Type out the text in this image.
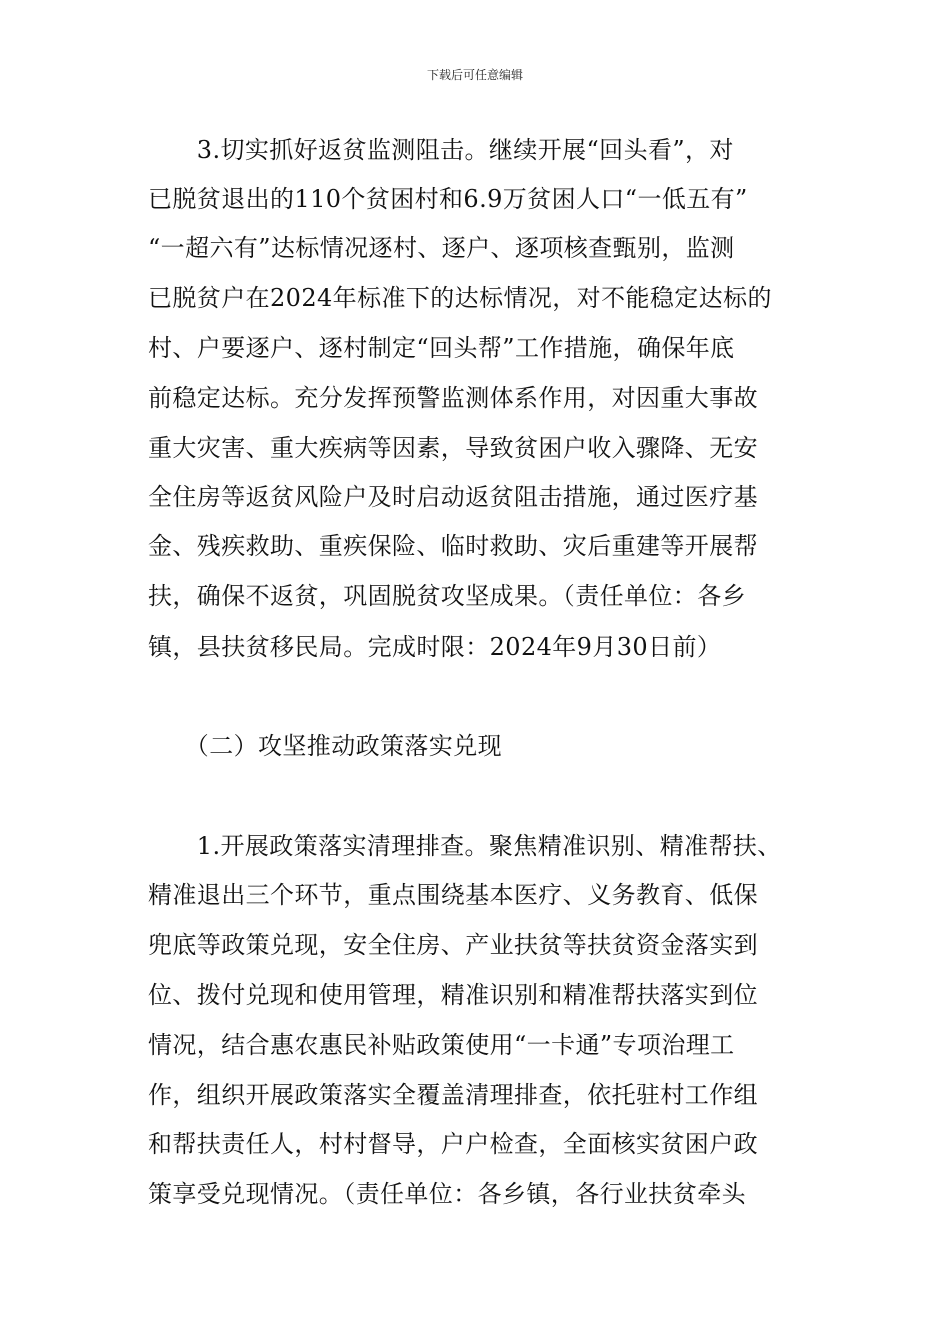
下载后可任意编辑
　　3.切实抓好返贫监测阻击。继续开展“回头看”，对
已脱贫退出的110个贫困村和6.9万贫困人口“一低五有”
“一超六有”达标情况逐村、逐户、逐项核查甄别，监测
已脱贫户在2024年标准下的达标情况，对不能稳定达标的
村、户要逐户、逐村制定“回头帮”工作措施，确保年底
前稳定达标。充分发挥预警监测体系作用，对因重大事故
重大灾害、重大疾病等因素，导致贫困户收入骤降、无安
全住房等返贫风险户及时启动返贫阻击措施，通过医疗基
金、残疾救助、重疾保险、临时救助、灾后重建等开展帮
扶，确保不返贫，巩固脱贫攻坚成果。（责任单位：各乡
镇，县扶贫移民局。完成时限：2024年9月30日前）
　　（二）攻坚推动政策落实兑现
　　1.开展政策落实清理排查。聚焦精准识别、精准帮扶、
精准退出三个环节，重点围绕基本医疗、义务教育、低保
兜底等政策兑现，安全住房、产业扶贫等扶贫资金落实到
位、拨付兑现和使用管理，精准识别和精准帮扶落实到位
情况，结合惠农惠民补贴政策使用“一卡通”专项治理工
作，组织开展政策落实全覆盖清理排查，依托驻村工作组
和帮扶责任人，村村督导，户户检查，全面核实贫困户政
策享受兑现情况。（责任单位：各乡镇，各行业扶贫牵头
